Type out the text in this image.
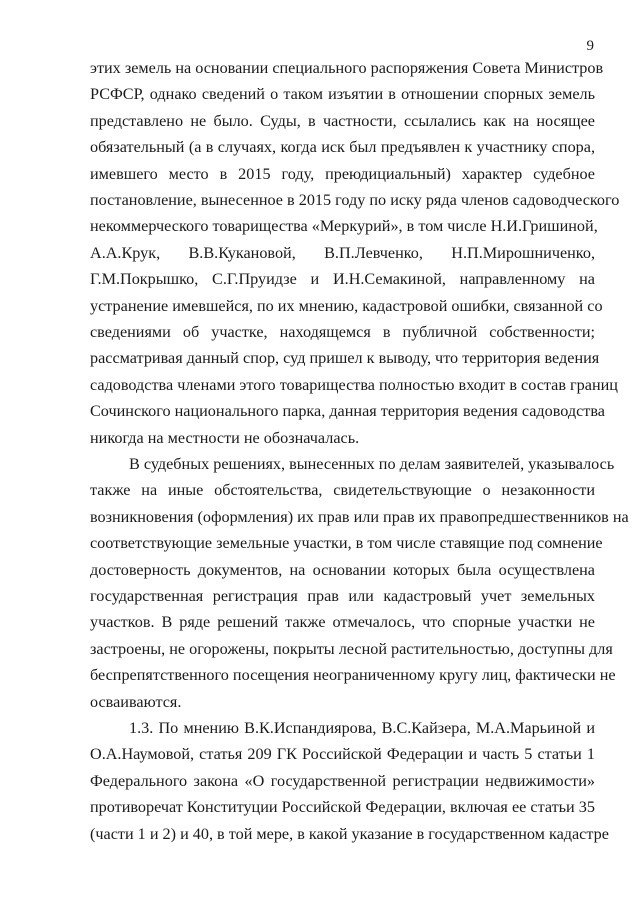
9
этих земель на основании специального распоряжения Совета Министров
РСФСР, однако сведений о таком изъятии в отношении спорных земель
представлено не было. Суды, в частности, ссылались как на носящее
обязательный (а в случаях, когда иск был предъявлен к участнику спора,
имевшего место в 2015 году, преюдициальный) характер судебное
постановление, вынесенное в 2015 году по иску ряда членов садоводческого
некоммерческого товарищества «Меркурий», в том числе Н.И.Гришиной,
А.А.Крук, В.В.Кукановой, В.П.Левченко, Н.П.Мирошниченко,
Г.М.Покрышко, С.Г.Пруидзе и И.Н.Семакиной, направленному на
устранение имевшейся, по их мнению, кадастровой ошибки, связанной со
сведениями об участке, находящемся в публичной собственности;
рассматривая данный спор, суд пришел к выводу, что территория ведения
садоводства членами этого товарищества полностью входит в состав границ
Сочинского национального парка, данная территория ведения садоводства
никогда на местности не обозначалась.
В судебных решениях, вынесенных по делам заявителей, указывалось
также на иные обстоятельства, свидетельствующие о незаконности
возникновения (оформления) их прав или прав их правопредшественников на
соответствующие земельные участки, в том числе ставящие под сомнение
достоверность документов, на основании которых была осуществлена
государственная регистрация прав или кадастровый учет земельных
участков. В ряде решений также отмечалось, что спорные участки не
застроены, не огорожены, покрыты лесной растительностью, доступны для
беспрепятственного посещения неограниченному кругу лиц, фактически не
осваиваются.
1.3. По мнению В.К.Испандиярова, В.С.Кайзера, М.А.Марьиной и
О.А.Наумовой, статья 209 ГК Российской Федерации и часть 5 статьи 1
Федерального закона «О государственной регистрации недвижимости»
противоречат Конституции Российской Федерации, включая ее статьи 35
(части 1 и 2) и 40, в той мере, в какой указание в государственном кадастре
